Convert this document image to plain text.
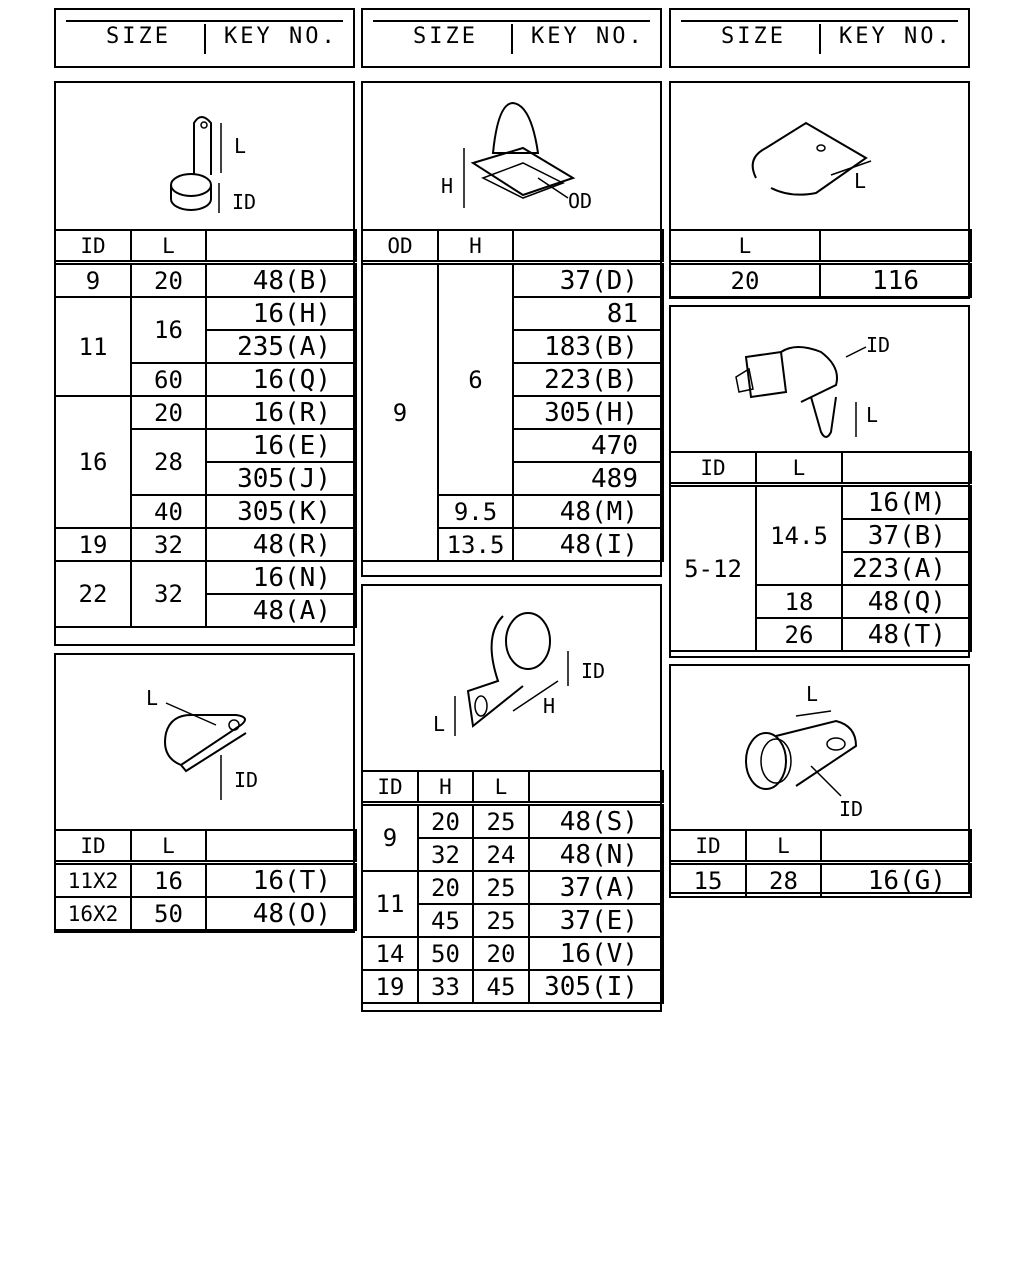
SIZE KEY NO.	SIZE KEY NO.	SIZE KEY NO.
L
ID
ID	L	
9	20	48(B)
11	16	16(H)
		235(A)
	60	16(Q)
16	20	16(R)
	28	16(E)
		305(J)
	40	305(K)
19	32	48(R)
22	32	16(N)
		48(A)
L
ID
ID	L	
11X2	16	16(T)
16X2	50	48(O)
H
OD
OD	H	
9	6	37(D)
		81
		183(B)
		223(B)
		305(H)
		470
		489
	9.5	48(M)
	13.5	48(I)
L
ID
H
ID	H	L	
9	20	25	48(S)
	32	24	48(N)
11	20	25	37(A)
	45	25	37(E)
14	50	20	16(V)
19	33	45	305(I)
L
L	
20	116
ID
L
ID	L	
5-12	14.5	16(M)
		37(B)
		223(A)
	18	48(Q)
	26	48(T)
L
ID
ID	L	
15	28	16(G)
